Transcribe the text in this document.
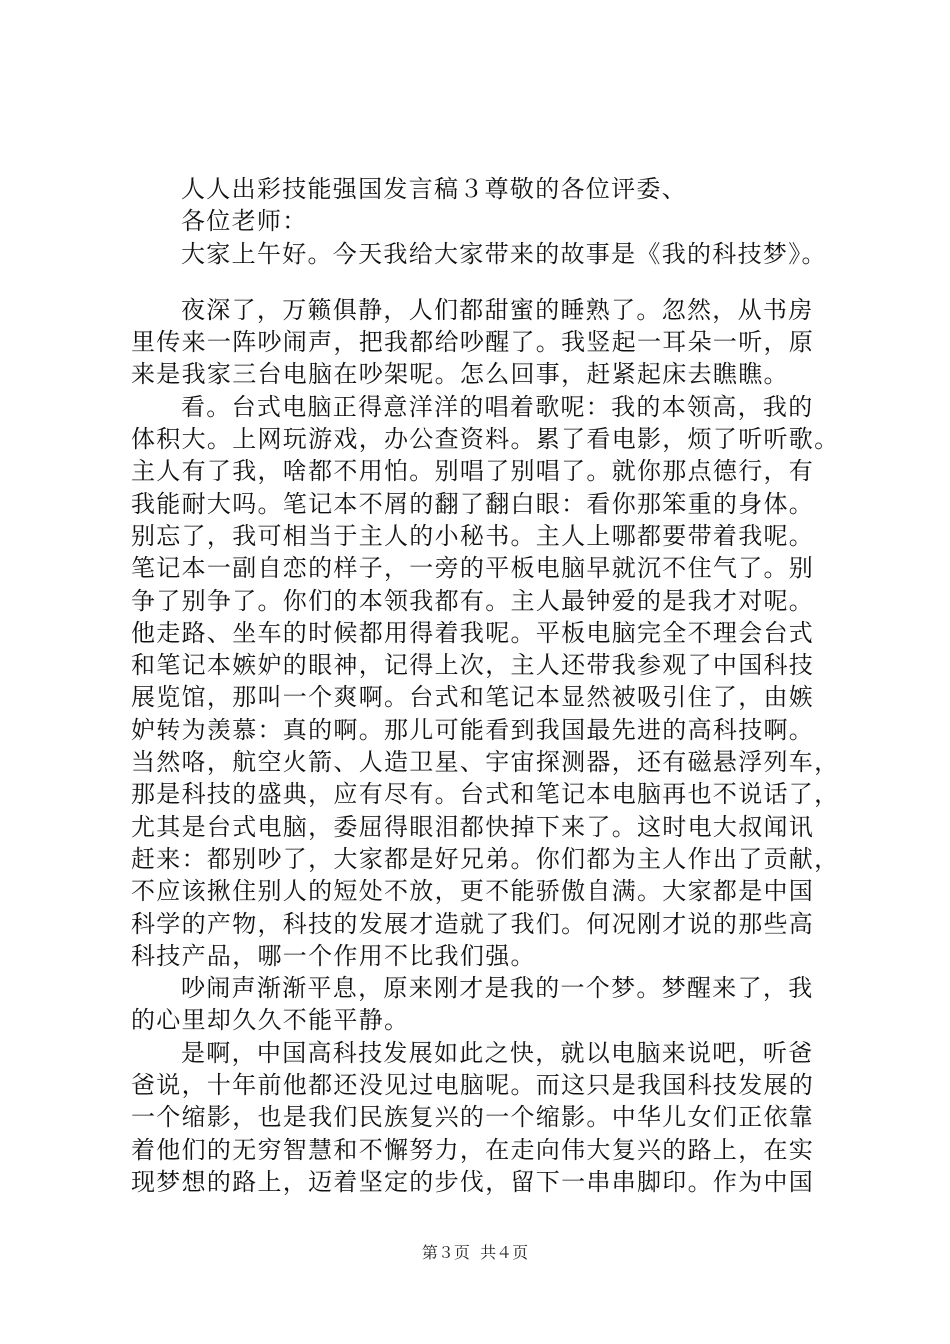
人人出彩技能强国发言稿３尊敬的各位评委、
各位老师：
大家上午好。今天我给大家带来的故事是《我的科技梦》。
夜深了，万籁俱静，人们都甜蜜的睡熟了。忽然，从书房
里传来一阵吵闹声，把我都给吵醒了。我竖起一耳朵一听，原
来是我家三台电脑在吵架呢。怎么回事，赶紧起床去瞧瞧。
看。台式电脑正得意洋洋的唱着歌呢：我的本领高，我的
体积大。上网玩游戏，办公查资料。累了看电影，烦了听听歌。
主人有了我，啥都不用怕。别唱了别唱了。就你那点德行，有
我能耐大吗。笔记本不屑的翻了翻白眼：看你那笨重的身体。
别忘了，我可相当于主人的小秘书。主人上哪都要带着我呢。
笔记本一副自恋的样子，一旁的平板电脑早就沉不住气了。别
争了别争了。你们的本领我都有。主人最钟爱的是我才对呢。
他走路、坐车的时候都用得着我呢。平板电脑完全不理会台式
和笔记本嫉妒的眼神，记得上次，主人还带我参观了中国科技
展览馆，那叫一个爽啊。台式和笔记本显然被吸引住了，由嫉
妒转为羡慕：真的啊。那儿可能看到我国最先进的高科技啊。
当然咯，航空火箭、人造卫星、宇宙探测器，还有磁悬浮列车，
那是科技的盛典，应有尽有。台式和笔记本电脑再也不说话了，
尤其是台式电脑，委屈得眼泪都快掉下来了。这时电大叔闻讯
赶来：都别吵了，大家都是好兄弟。你们都为主人作出了贡献，
不应该揪住别人的短处不放，更不能骄傲自满。大家都是中国
科学的产物，科技的发展才造就了我们。何况刚才说的那些高
科技产品，哪一个作用不比我们强。
吵闹声渐渐平息，原来刚才是我的一个梦。梦醒来了，我
的心里却久久不能平静。
是啊，中国高科技发展如此之快，就以电脑来说吧，听爸
爸说，十年前他都还没见过电脑呢。而这只是我国科技发展的
一个缩影，也是我们民族复兴的一个缩影。中华儿女们正依靠
着他们的无穷智慧和不懈努力，在走向伟大复兴的路上，在实
现梦想的路上，迈着坚定的步伐，留下一串串脚印。作为中国
第３页 共４页
